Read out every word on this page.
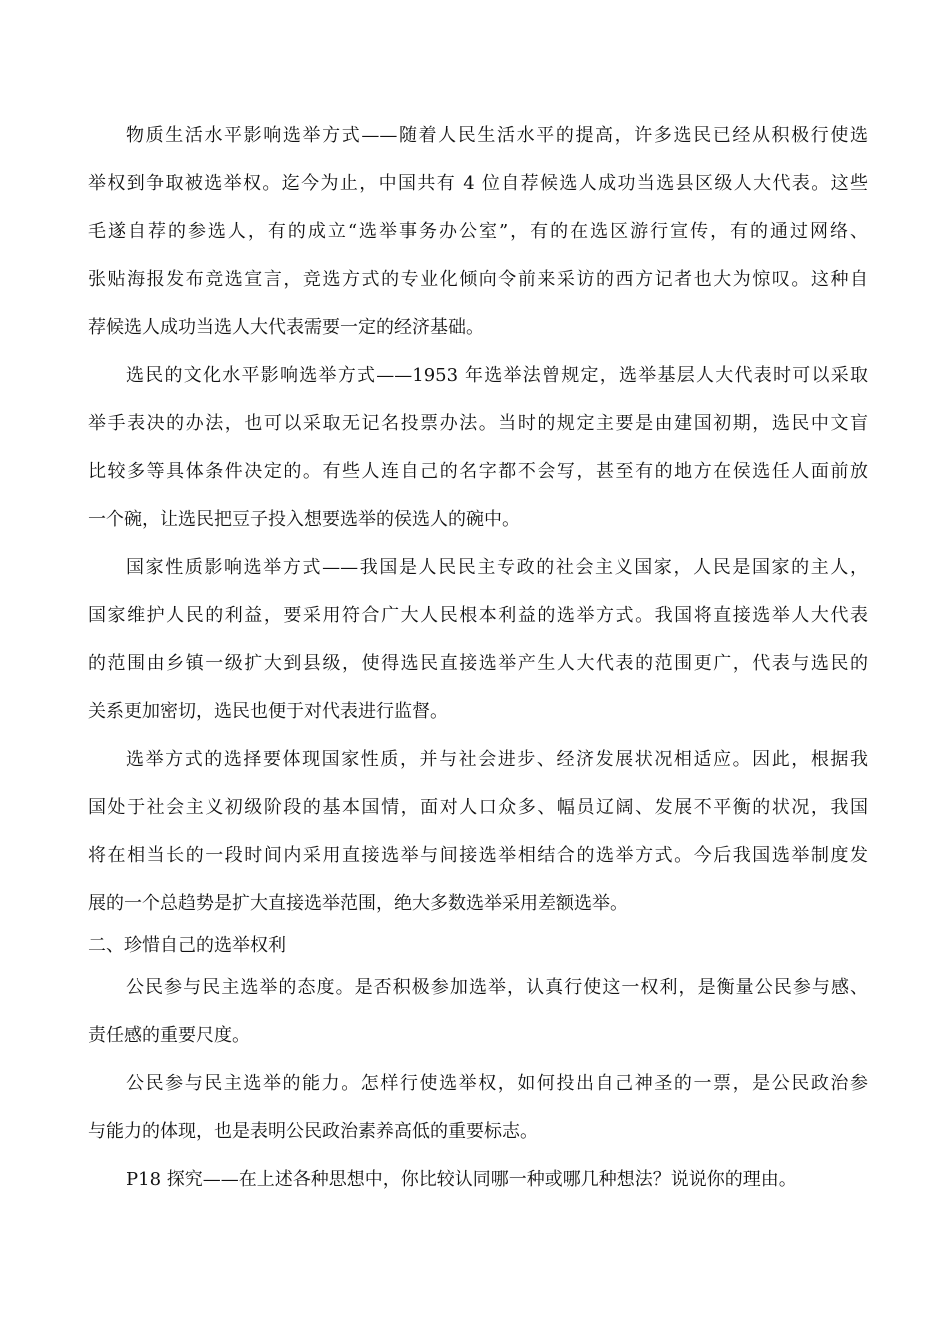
物质生活水平影响选举方式——随着人民生活水平的提高，许多选民已经从积极行使选
举权到争取被选举权。迄今为止，中国共有 4 位自荐候选人成功当选县区级人大代表。这些
毛遂自荐的参选人，有的成立“选举事务办公室”，有的在选区游行宣传，有的通过网络、
张贴海报发布竞选宣言，竞选方式的专业化倾向令前来采访的西方记者也大为惊叹。这种自
荐候选人成功当选人大代表需要一定的经济基础。
选民的文化水平影响选举方式——1953 年选举法曾规定，选举基层人大代表时可以采取
举手表决的办法，也可以采取无记名投票办法。当时的规定主要是由建国初期，选民中文盲
比较多等具体条件决定的。有些人连自己的名字都不会写，甚至有的地方在侯选任人面前放
一个碗，让选民把豆子投入想要选举的侯选人的碗中。
国家性质影响选举方式——我国是人民民主专政的社会主义国家，人民是国家的主人，
国家维护人民的利益，要采用符合广大人民根本利益的选举方式。我国将直接选举人大代表
的范围由乡镇一级扩大到县级，使得选民直接选举产生人大代表的范围更广，代表与选民的
关系更加密切，选民也便于对代表进行监督。
选举方式的选择要体现国家性质，并与社会进步、经济发展状况相适应。因此，根据我
国处于社会主义初级阶段的基本国情，面对人口众多、幅员辽阔、发展不平衡的状况，我国
将在相当长的一段时间内采用直接选举与间接选举相结合的选举方式。今后我国选举制度发
展的一个总趋势是扩大直接选举范围，绝大多数选举采用差额选举。
二、珍惜自己的选举权利
公民参与民主选举的态度。是否积极参加选举，认真行使这一权利，是衡量公民参与感、
责任感的重要尺度。
公民参与民主选举的能力。怎样行使选举权，如何投出自己神圣的一票，是公民政治参
与能力的体现，也是表明公民政治素养高低的重要标志。
P18 探究——在上述各种思想中，你比较认同哪一种或哪几种想法？说说你的理由。
